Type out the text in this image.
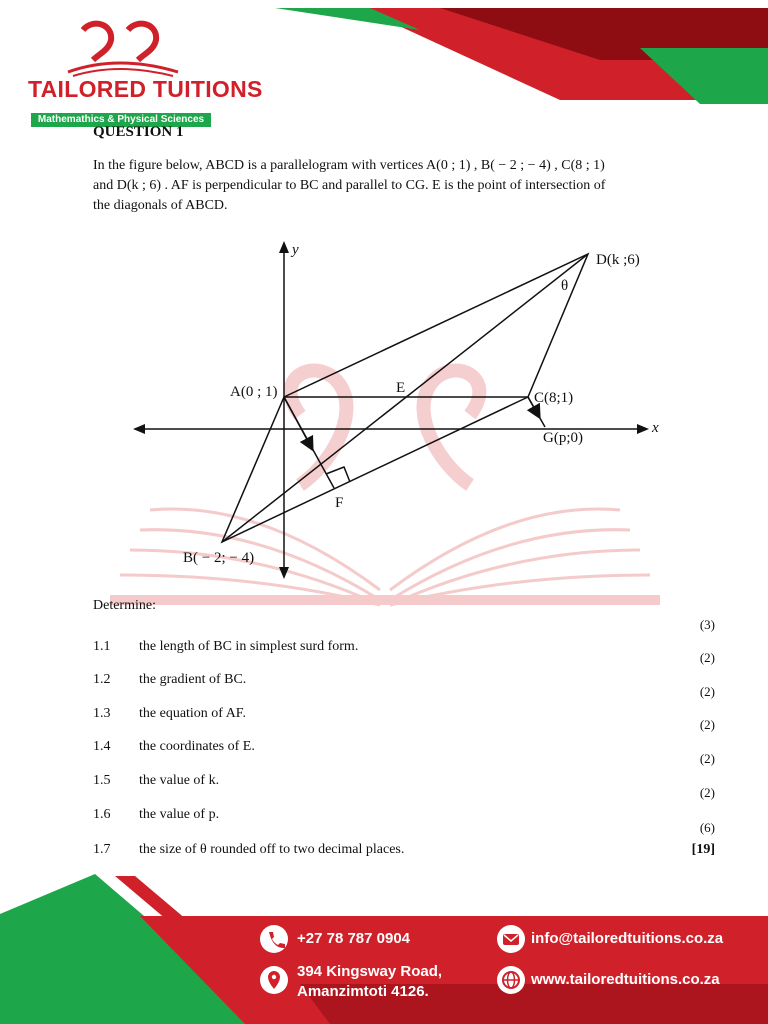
TAILORED TUITIONS
Mathemathics & Physical Sciences
QUESTION 1
In the figure below, ABCD is a parallelogram with vertices A(0 ; 1) , B( − 2 ; − 4) , C(8 ; 1)
and D(k ; 6) . AF is perpendicular to BC and parallel to CG. E is the point of intersection of
the diagonals of ABCD.
y
x
A(0 ; 1)
B( − 2; − 4)
C(8;1)
D(k ;6)
E
F
G(p;0)
θ
Determine:
1.1 the length of BC in simplest surd form.
(3)
1.2 the gradient of BC.
(2)
1.3 the equation of AF.
(2)
1.4 the coordinates of E.
(2)
1.5 the value of k.
(2)
1.6 the value of p.
(2)
1.7 the size of θ rounded off to two decimal places.
(6)
[19]
+27 78 787 0904	info@tailoredtuitions.co.za
394 Kingsway Road,
Amanzimtoti 4126.
www.tailoredtuitions.co.za
